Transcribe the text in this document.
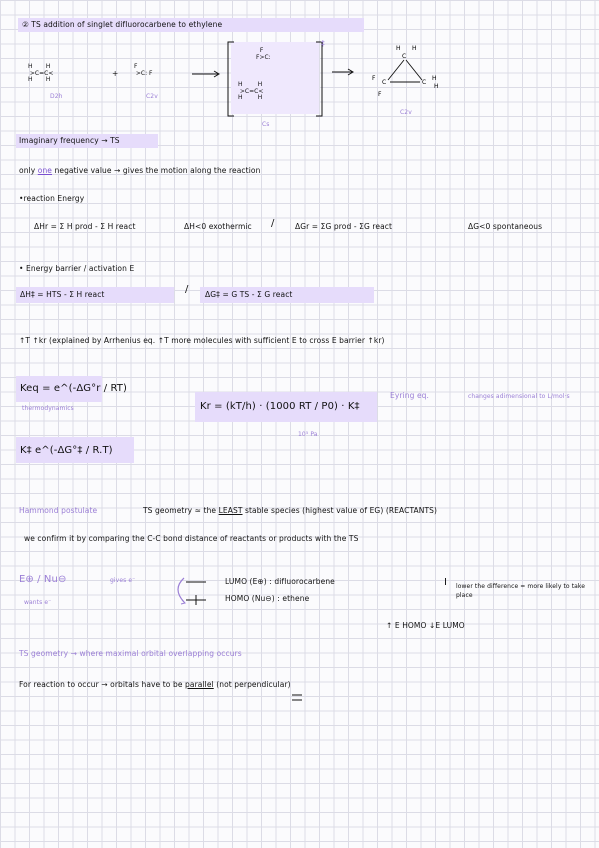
② TS addition of singlet difluorocarbene to ethylene
H       H
>C=C<
H       H
D2h
+
F
>C: F
C2v
‡
F
F>C:
H        H
>C=C<
H        H
Cs
H H
C
C	C
F
F
H
H
C2v
Imaginary frequency → TS
only one negative value → gives the motion along the reaction
•reaction Energy
ΔHr = Σ H prod - Σ H react	ΔH<0 exothermic /	ΔGr = ΣG prod - ΣG react	ΔG<0 spontaneous
• Energy barrier / activation E
ΔH‡ = HTS - Σ H react	/ ΔG‡ = G TS - Σ G react
↑T ↑kr (explained by Arrhenius eq. ↑T more molecules with sufficient E to cross E barrier ↑kr)
Keq = e^(-ΔG°r / RT)
thermodynamics	Kr = (kT/h) · (1000 RT / P0) · K‡
10⁵ Pa
Eyring eq.	changes adimensional to L/mol·s
K‡ e^(-ΔG°‡ / R.T)
Hammond postulate	TS geometry ≈ the LEAST stable species (highest value of EG) (REACTANTS)
we confirm it by comparing the C-C bond distance of reactants or products with the TS
E⊕ / Nu⊖	gives e⁻
wants e⁻
LUMO (E⊕) : difluorocarbene
HOMO (Nu⊖) : ethene
I lower the difference = more likely to take place
↑ E HOMO ↓E LUMO
TS geometry → where maximal orbital overlapping occurs
For reaction to occur → orbitals have to be parallel (not perpendicular)
